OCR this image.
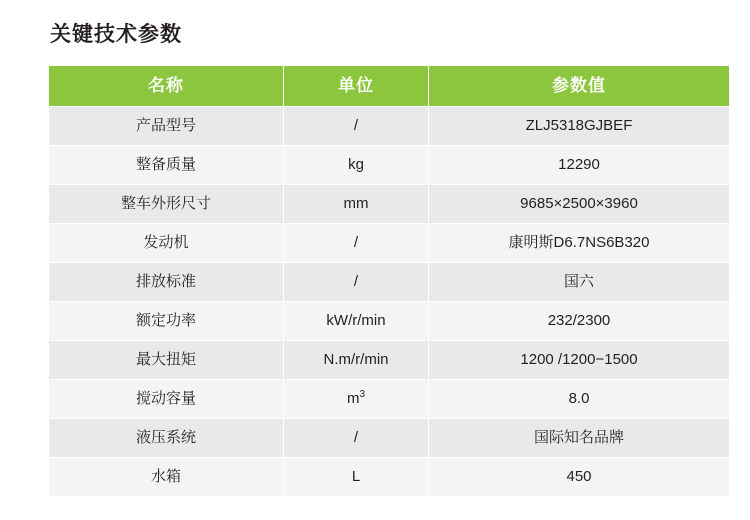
关键技术参数
名称	单位	参数值
产品型号	/	ZLJ5318GJBEF
整备质量	kg	12290
整车外形尺寸	mm	9685×2500×3960
发动机	/	康明斯D6.7NS6B320
排放标准	/	国六
额定功率	kW/r/min	232/2300
最大扭矩	N.m/r/min	1200 /1200−1500
搅动容量	$m^3$	8.0
液压系统	/	国际知名品牌
水箱	L	450
